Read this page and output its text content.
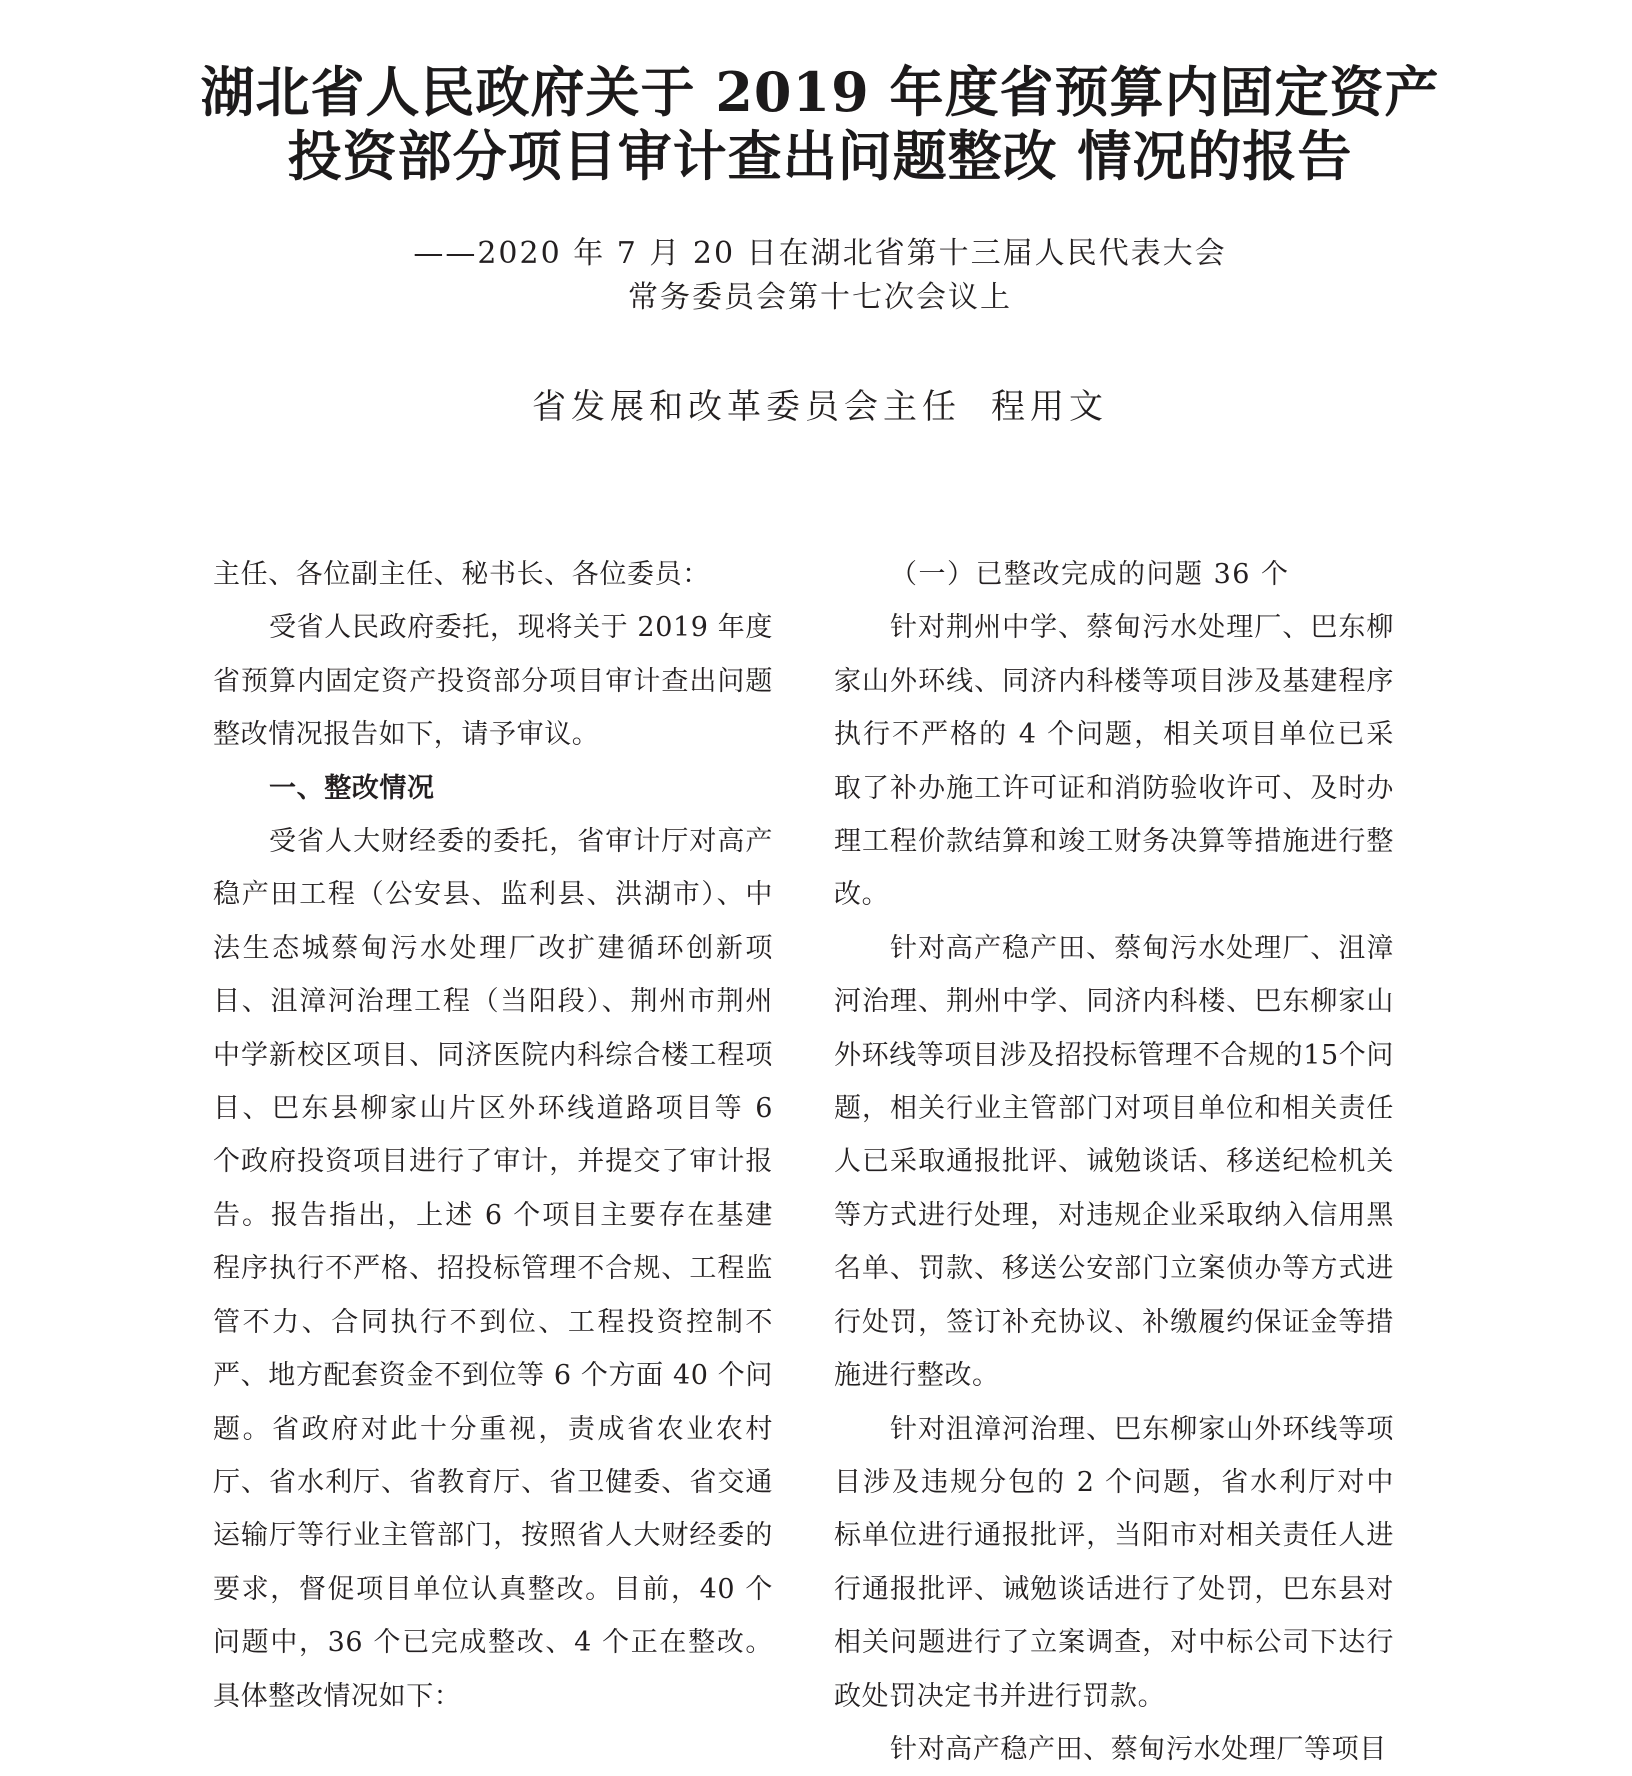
湖北省人民政府关于 2019 年度省预算内固定资产
投资部分项目审计查出问题整改 情况的报告
——2020 年 7 月 20 日在湖北省第十三届人民代表大会
常务委员会第十七次会议上
省发展和改革委员会主任 程用文

主任、各位副主任、秘书长、各位委员：

受省人民政府委托，现将关于 2019 年度省预算内固定资产投资部分项目审计查出问题整改情况报告如下，请予审议。

一、整改情况

受省人大财经委的委托，省审计厅对高产稳产田工程（公安县、监利县、洪湖市）、中法生态城蔡甸污水处理厂改扩建循环创新项目、沮漳河治理工程（当阳段）、荆州市荆州中学新校区项目、同济医院内科综合楼工程项目、巴东县柳家山片区外环线道路项目等 6 个政府投资项目进行了审计，并提交了审计报告。报告指出，上述 6 个项目主要存在基建程序执行不严格、招投标管理不合规、工程监管不力、合同执行不到位、工程投资控制不严、地方配套资金不到位等 6 个方面 40 个问题。省政府对此十分重视，责成省农业农村厅、省水利厅、省教育厅、省卫健委、省交通运输厅等行业主管部门，按照省人大财经委的要求，督促项目单位认真整改。目前，40 个问题中，36 个已完成整改、4 个正在整改。具体整改情况如下：

（一）已整改完成的问题 36 个

针对荆州中学、蔡甸污水处理厂、巴东柳家山外环线、同济内科楼等项目涉及基建程序执行不严格的 4 个问题，相关项目单位已采取了补办施工许可证和消防验收许可、及时办理工程价款结算和竣工财务决算等措施进行整改。

针对高产稳产田、蔡甸污水处理厂、沮漳河治理、荆州中学、同济内科楼、巴东柳家山外环线等项目涉及招投标管理不合规的15个问题，相关行业主管部门对项目单位和相关责任人已采取通报批评、诫勉谈话、移送纪检机关等方式进行处理，对违规企业采取纳入信用黑名单、罚款、移送公安部门立案侦办等方式进行处罚，签订补充协议、补缴履约保证金等措施进行整改。

针对沮漳河治理、巴东柳家山外环线等项目涉及违规分包的 2 个问题，省水利厅对中标单位进行通报批评，当阳市对相关责任人进行通报批评、诫勉谈话进行了处罚，巴东县对相关问题进行了立案调查，对中标公司下达行政处罚决定书并进行罚款。

针对高产稳产田、蔡甸污水处理厂等项目
